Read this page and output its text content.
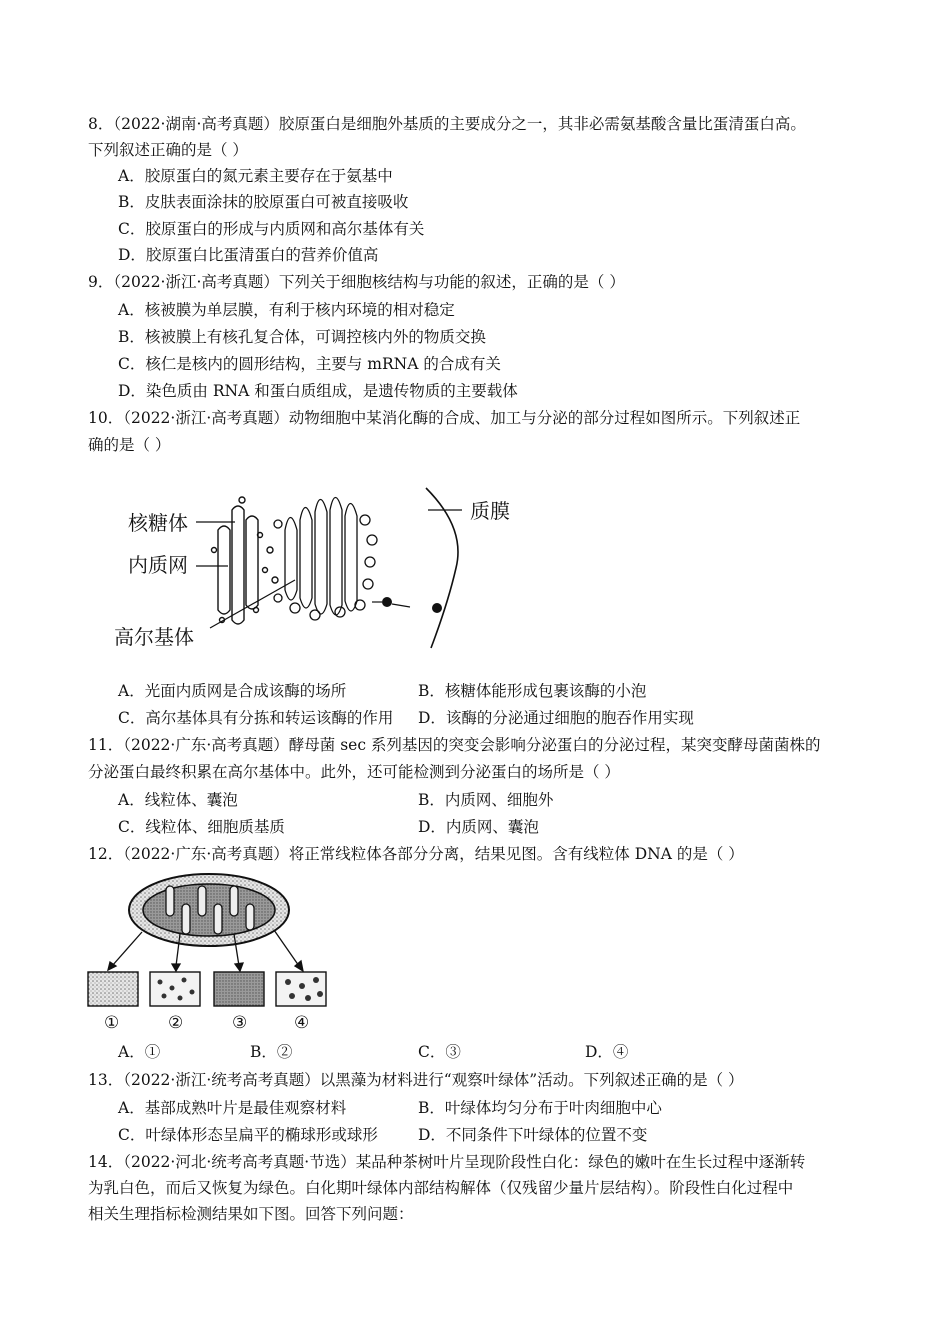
8．（2022·湖南·高考真题）胶原蛋白是细胞外基质的主要成分之一，其非必需氨基酸含量比蛋清蛋白高。
下列叙述正确的是（ ）
A．胶原蛋白的氮元素主要存在于氨基中
B．皮肤表面涂抹的胶原蛋白可被直接吸收
C．胶原蛋白的形成与内质网和高尔基体有关
D．胶原蛋白比蛋清蛋白的营养价值高
9．（2022·浙江·高考真题）下列关于细胞核结构与功能的叙述，正确的是（ ）
A．核被膜为单层膜，有利于核内环境的相对稳定
B．核被膜上有核孔复合体，可调控核内外的物质交换
C．核仁是核内的圆形结构，主要与 mRNA 的合成有关
D．染色质由 RNA 和蛋白质组成，是遗传物质的主要载体
10．（2022·浙江·高考真题）动物细胞中某消化酶的合成、加工与分泌的部分过程如图所示。下列叙述正
确的是（ ）
核糖体
内质网
高尔基体
质膜
A．光面内质网是合成该酶的场所	B．核糖体能形成包裹该酶的小泡
C．高尔基体具有分拣和转运该酶的作用 D．该酶的分泌通过细胞的胞吞作用实现
11．（2022·广东·高考真题）酵母菌 sec 系列基因的突变会影响分泌蛋白的分泌过程，某突变酵母菌菌株的
分泌蛋白最终积累在高尔基体中。此外，还可能检测到分泌蛋白的场所是（ ）
A．线粒体、囊泡	B．内质网、细胞外
C．线粒体、细胞质基质	D．内质网、囊泡
12．（2022·广东·高考真题）将正常线粒体各部分分离，结果见图。含有线粒体 DNA 的是（ ）
①	②	③	④
A．①	B．②	C．③	D．④
13．（2022·浙江·统考高考真题）以黑藻为材料进行“观察叶绿体”活动。下列叙述正确的是（ ）
A．基部成熟叶片是最佳观察材料	B．叶绿体均匀分布于叶肉细胞中心
C．叶绿体形态呈扁平的椭球形或球形	D．不同条件下叶绿体的位置不变
14．（2022·河北·统考高考真题·节选）某品种茶树叶片呈现阶段性白化：绿色的嫩叶在生长过程中逐渐转
为乳白色，而后又恢复为绿色。白化期叶绿体内部结构解体（仅残留少量片层结构）。阶段性白化过程中
相关生理指标检测结果如下图。回答下列问题：
